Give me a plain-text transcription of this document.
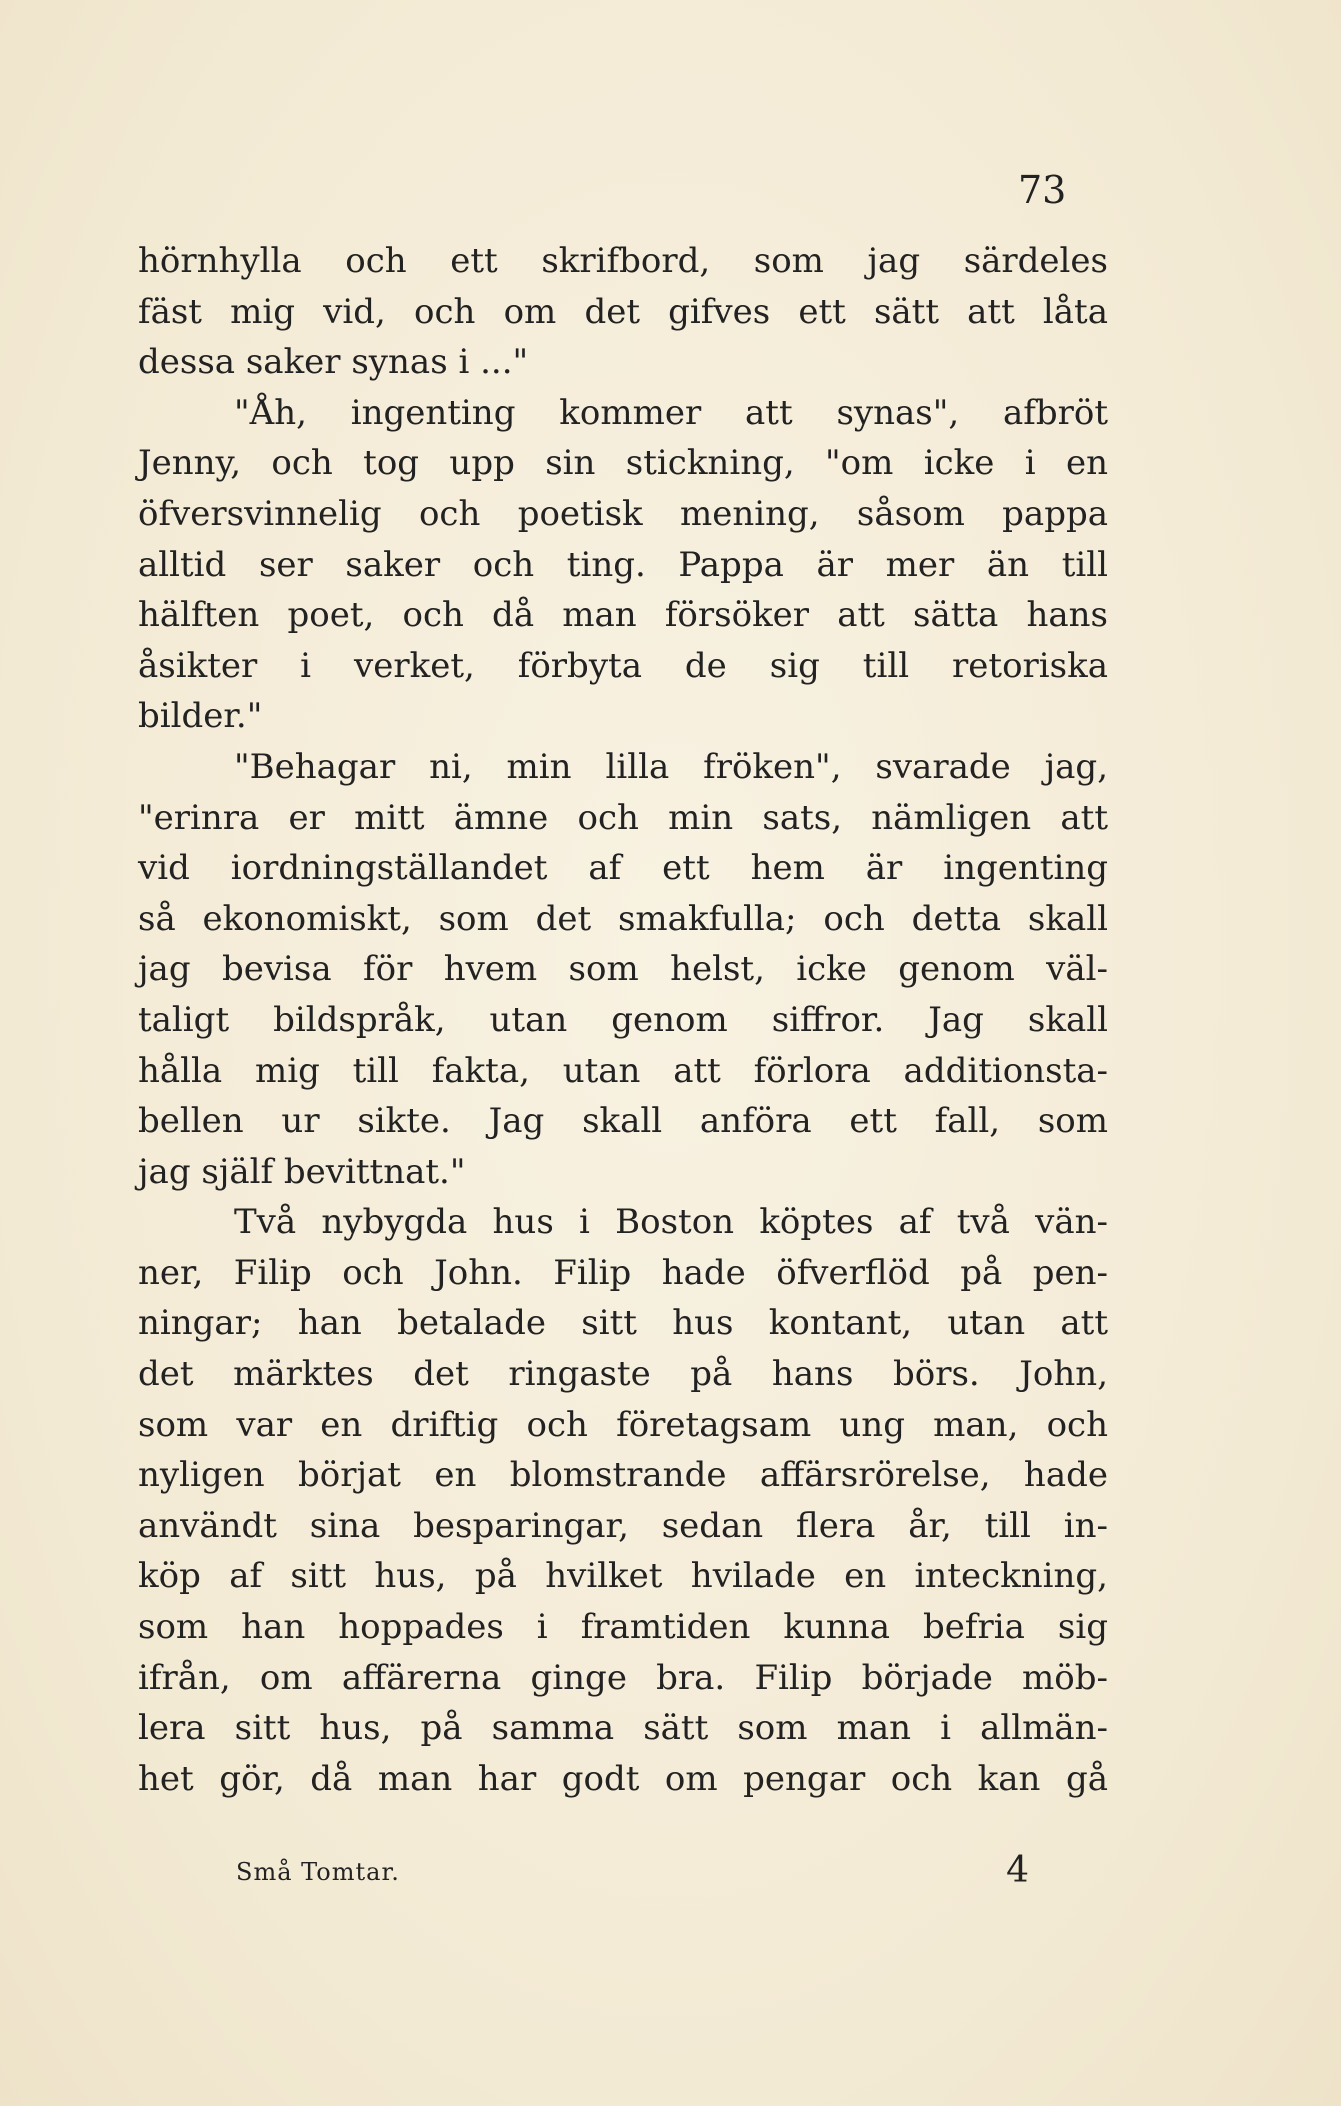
73
hörnhylla och ett skrifbord, som jag särdeles
fäst mig vid, och om det gifves ett sätt att låta
dessa saker synas i ..."
"Åh, ingenting kommer att synas", afbröt
Jenny, och tog upp sin stickning, "om icke i en
öfversvinnelig och poetisk mening, såsom pappa
alltid ser saker och ting. Pappa är mer än till
hälften poet, och då man försöker att sätta hans
åsikter i verket, förbyta de sig till retoriska
bilder."
"Behagar ni, min lilla fröken", svarade jag,
"erinra er mitt ämne och min sats, nämligen att
vid iordningställandet af ett hem är ingenting
så ekonomiskt, som det smakfulla; och detta skall
jag bevisa för hvem som helst, icke genom väl-
taligt bildspråk, utan genom siffror. Jag skall
hålla mig till fakta, utan att förlora additionsta-
bellen ur sikte. Jag skall anföra ett fall, som
jag själf bevittnat."
Två nybygda hus i Boston köptes af två vän-
ner, Filip och John. Filip hade öfverflöd på pen-
ningar; han betalade sitt hus kontant, utan att
det märktes det ringaste på hans börs. John,
som var en driftig och företagsam ung man, och
nyligen börjat en blomstrande affärsrörelse, hade
användt sina besparingar, sedan flera år, till in-
köp af sitt hus, på hvilket hvilade en inteckning,
som han hoppades i framtiden kunna befria sig
ifrån, om affärerna ginge bra. Filip började möb-
lera sitt hus, på samma sätt som man i allmän-
het gör, då man har godt om pengar och kan gå
Små Tomtar.	4
